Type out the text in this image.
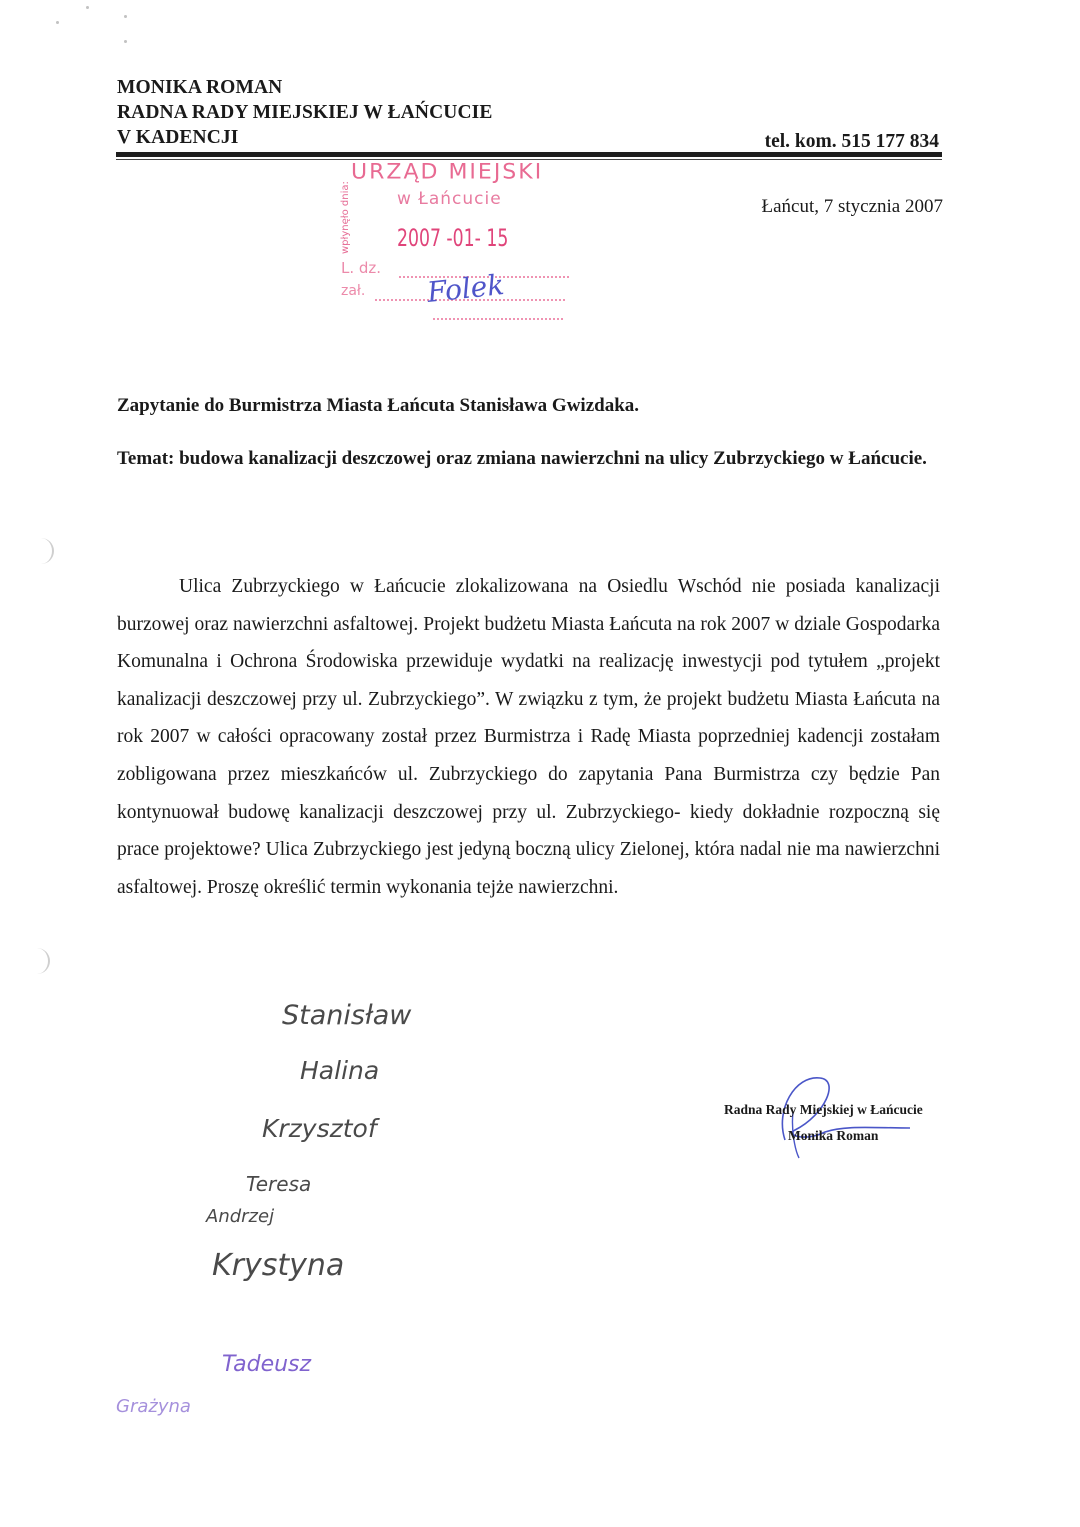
MONIKA ROMAN
RADNA RADY MIEJSKIEJ W ŁAŃCUCIE
V KADENCJI	tel. kom. 515 177 834
URZĄD MIEJSKI
w Łańcucie
wpłynęło dnia: 2007 -01- 15
L. dz.
zał. Folek
Łańcut, 7 stycznia 2007
Zapytanie do Burmistrza Miasta Łańcuta Stanisława Gwizdaka.
Temat: budowa kanalizacji deszczowej oraz zmiana nawierzchni na ulicy Zubrzyckiego w Łańcucie.

Ulica Zubrzyckiego w Łańcucie zlokalizowana na Osiedlu Wschód nie posiada kanalizacji burzowej oraz nawierzchni asfaltowej. Projekt budżetu Miasta Łańcuta na rok 2007 w dziale Gospodarka Komunalna i Ochrona Środowiska przewiduje wydatki na realizację inwestycji pod tytułem „projekt kanalizacji deszczowej przy ul. Zubrzyckiego”. W związku z tym, że projekt budżetu Miasta Łańcuta na rok 2007 w całości opracowany został przez Burmistrza i Radę Miasta poprzedniej kadencji zostałam zobligowana przez mieszkańców ul. Zubrzyckiego do zapytania Pana Burmistrza czy będzie Pan kontynuował budowę kanalizacji deszczowej przy ul. Zubrzyckiego- kiedy dokładnie rozpoczną się prace projektowe? Ulica Zubrzyckiego jest jedyną boczną ulicy Zielonej, która nadal nie ma nawierzchni asfaltowej. Proszę określić termin wykonania tejże nawierzchni.

Stanisław
Halina
Krzysztof
Teresa
Andrzej
Krystyna
Tadeusz
Grażyna
Radna Rady Miejskiej w Łańcucie
Monika Roman
